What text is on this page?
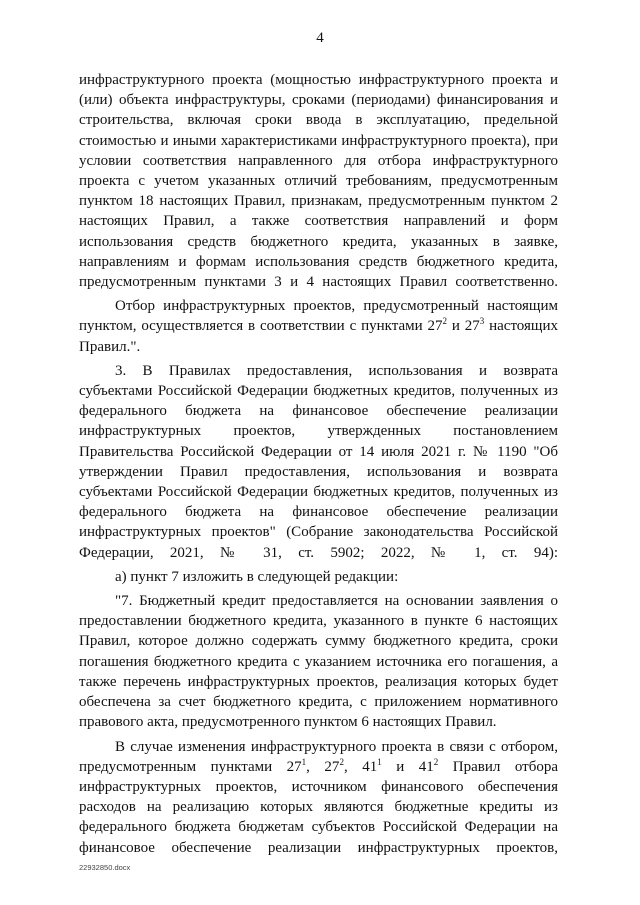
4

инфраструктурного проекта (мощностью инфраструктурного проекта и (или) объекта инфраструктуры, сроками (периодами) финансирования и строительства, включая сроки ввода в эксплуатацию, предельной стоимостью и иными характеристиками инфраструктурного проекта), при условии соответствия направленного для отбора инфраструктурного проекта с учетом указанных отличий требованиям, предусмотренным пунктом 18 настоящих Правил, признакам, предусмотренным пунктом 2 настоящих Правил, а также соответствия направлений и форм использования средств бюджетного кредита, указанных в заявке, направлениям и формам использования средств бюджетного кредита, предусмотренным пунктами 3 и 4 настоящих Правил соответственно.

Отбор инфраструктурных проектов, предусмотренный настоящим пунктом, осуществляется в соответствии с пунктами $27^2$ и $27^3$ настоящих Правил.".

3. В Правилах предоставления, использования и возврата субъектами Российской Федерации бюджетных кредитов, полученных из федерального бюджета на финансовое обеспечение реализации инфраструктурных проектов, утвержденных постановлением Правительства Российской Федерации от 14 июля 2021 г. № 1190 "Об утверждении Правил предоставления, использования и возврата субъектами Российской Федерации бюджетных кредитов, полученных из федерального бюджета на финансовое обеспечение реализации инфраструктурных проектов" (Собрание законодательства Российской Федерации, 2021, № 31, ст. 5902; 2022, № 1, ст. 94):

а) пункт 7 изложить в следующей редакции:

"7. Бюджетный кредит предоставляется на основании заявления о предоставлении бюджетного кредита, указанного в пункте 6 настоящих Правил, которое должно содержать сумму бюджетного кредита, сроки погашения бюджетного кредита с указанием источника его погашения, а также перечень инфраструктурных проектов, реализация которых будет обеспечена за счет бюджетного кредита, с приложением нормативного правового акта, предусмотренного пунктом 6 настоящих Правил.

В случае изменения инфраструктурного проекта в связи с отбором, предусмотренным пунктами $27^1$, $27^2$, $41^1$ и $41^2$ Правил отбора инфраструктурных проектов, источником финансового обеспечения расходов на реализацию которых являются бюджетные кредиты из федерального бюджета бюджетам субъектов Российской Федерации на финансовое обеспечение реализации инфраструктурных проектов,

22932850.docx
